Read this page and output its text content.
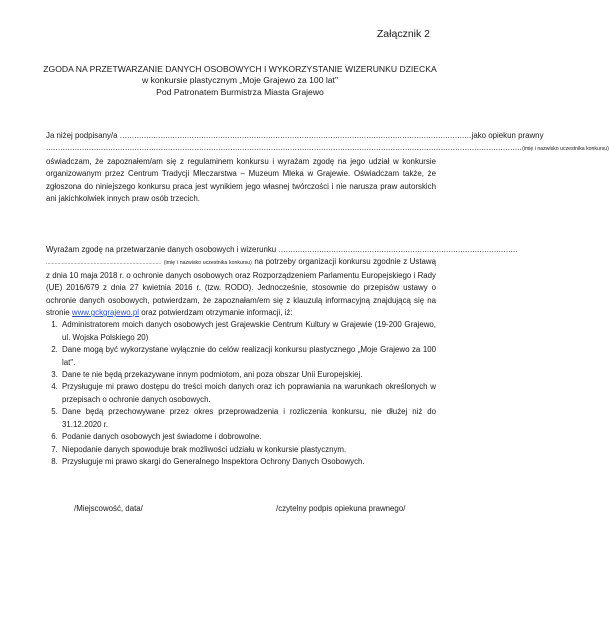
Załącznik 2
ZGODA NA PRZETWARZANIE DANYCH OSOBOWYCH I WYKORZYSTANIE WIZERUNKU DZIECKA
w konkursie plastycznym „Moje Grajewo za 100 lat"
Pod Patronatem Burmistrza Miasta Grajewo
Ja niżej podpisany/a ................................................................................................................................................... jako opiekun prawny
....................................................................................................................................................................................................... (imię i nazwisko uczestnika konkursu)
oświadczam, że zapoznałem/am się z regulaminem konkursu i wyrażam zgodę na jego udział w konkursie organizowanym przez Centrum Tradycji Mleczarstwa – Muzeum Mleka w Grajewie. Oświadczam także, że zgłoszona do niniejszego konkursu praca jest wynikiem jego własnej twórczości i nie narusza praw autorskich ani jakichkolwiek innych praw osób trzecich.
Wyrażam zgodę na przetwarzanie danych osobowych i wizerunku ....................................................................................................
................................................................................ (imię i nazwisko uczestnika konkursu) na potrzeby organizacji konkursu zgodnie z Ustawą z dnia 10 maja 2018 r. o ochronie danych osobowych oraz Rozporządzeniem Parlamentu Europejskiego i Rady (UE) 2016/679 z dnia 27 kwietnia 2016 r. (tzw. RODO). Jednocześnie, stosownie do przepisów ustawy o ochronie danych osobowych, potwierdzam, że zapoznałam/em się z klauzulą informacyjną znajdującą się na stronie www.gckgrajewo.pl oraz potwierdzam otrzymanie informacji, iż:
1. Administratorem moich danych osobowych jest Grajewskie Centrum Kultury w Grajewie (19-200 Grajewo, ul. Wojska Polskiego 20)
2. Dane mogą być wykorzystane wyłącznie do celów realizacji konkursu plastycznego „Moje Grajewo za 100 lat".
3. Dane te nie będą przekazywane innym podmiotom, ani poza obszar Unii Europejskiej.
4. Przysługuje mi prawo dostępu do treści moich danych oraz ich poprawiania na warunkach określonych w przepisach o ochronie danych osobowych.
5. Dane będą przechowywane przez okres przeprowadzenia i rozliczenia konkursu, nie dłużej niż do 31.12.2020 r.
6. Podanie danych osobowych jest świadome i dobrowolne.
7. Niepodanie danych spowoduje brak możliwości udziału w konkursie plastycznym.
8. Przysługuje mi prawo skargi do Generalnego Inspektora Ochrony Danych Osobowych.
/Miejscowość, data/	/czytelny podpis opiekuna prawnego/
